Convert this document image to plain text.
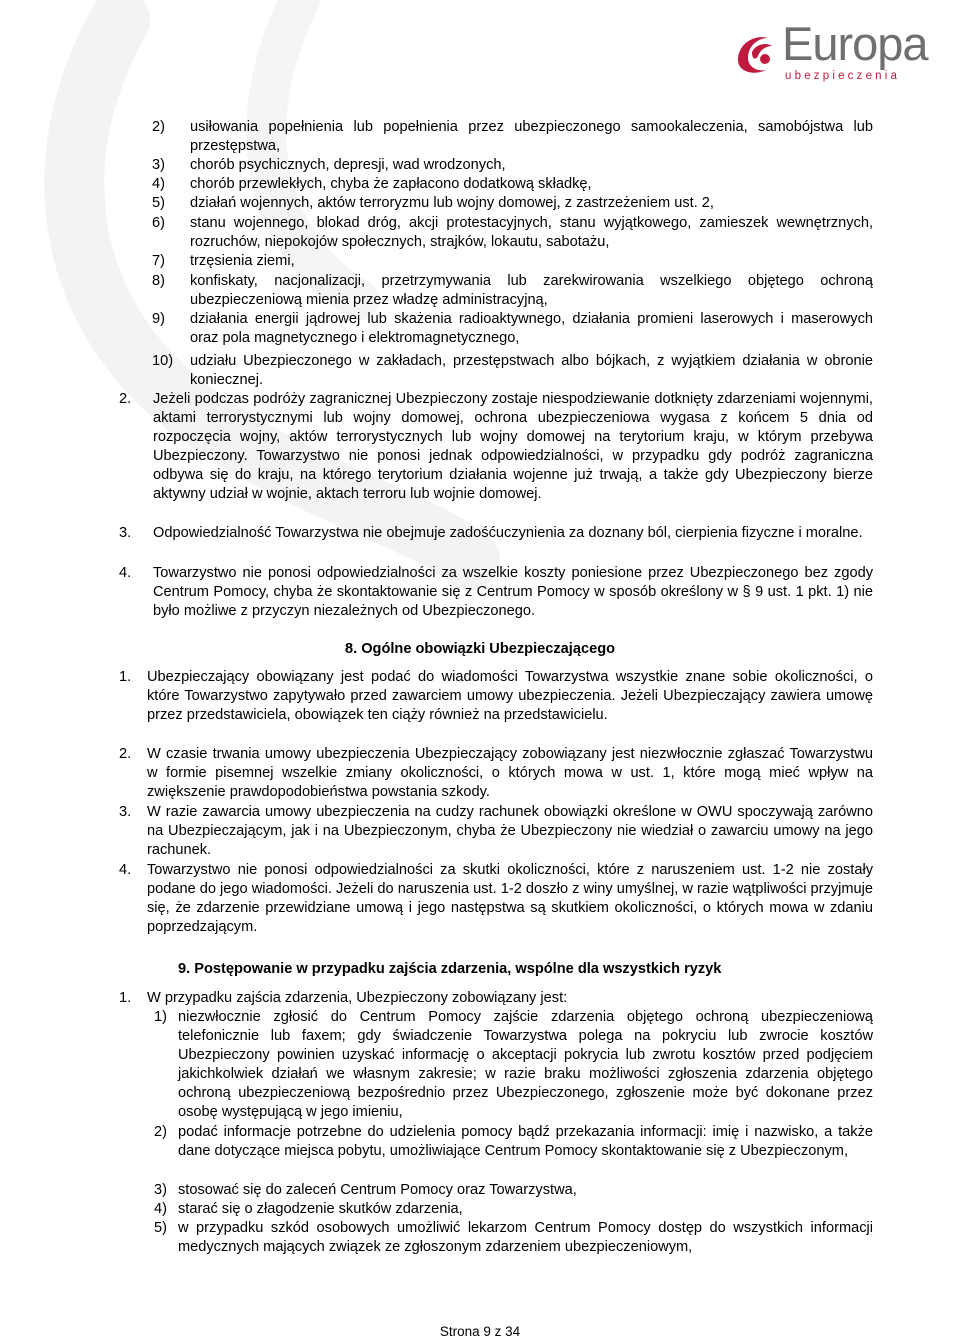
Europa
ubezpieczenia
2) usiłowania popełnienia lub popełnienia przez ubezpieczonego samookaleczenia, samobójstwa lub przestępstwa,
3) chorób psychicznych, depresji, wad wrodzonych,
4) chorób przewlekłych, chyba że zapłacono dodatkową składkę,
5) działań wojennych, aktów terroryzmu lub wojny domowej, z zastrzeżeniem ust. 2,
6) stanu wojennego, blokad dróg, akcji protestacyjnych, stanu wyjątkowego, zamieszek wewnętrznych, rozruchów, niepokojów społecznych, strajków, lokautu, sabotażu,
7) trzęsienia ziemi,
8) konfiskaty, nacjonalizacji, przetrzymywania lub zarekwirowania wszelkiego objętego ochroną ubezpieczeniową mienia przez władzę administracyjną,
9) działania energii jądrowej lub skażenia radioaktywnego, działania promieni laserowych i maserowych oraz pola magnetycznego i elektromagnetycznego,
10) udziału Ubezpieczonego w zakładach, przestępstwach albo bójkach, z wyjątkiem działania w obronie koniecznej.
2. Jeżeli podczas podróży zagranicznej Ubezpieczony zostaje niespodziewanie dotknięty zdarzeniami wojennymi, aktami terrorystycznymi lub wojny domowej, ochrona ubezpieczeniowa wygasa z końcem 5 dnia od rozpoczęcia wojny, aktów terrorystycznych lub wojny domowej na terytorium kraju, w którym przebywa Ubezpieczony. Towarzystwo nie ponosi jednak odpowiedzialności, w przypadku gdy podróż zagraniczna odbywa się do kraju, na którego terytorium działania wojenne już trwają, a także gdy Ubezpieczony bierze aktywny udział w wojnie, aktach terroru lub wojnie domowej.
3. Odpowiedzialność Towarzystwa nie obejmuje zadośćuczynienia za doznany ból, cierpienia fizyczne i moralne.
4. Towarzystwo nie ponosi odpowiedzialności za wszelkie koszty poniesione przez Ubezpieczonego bez zgody Centrum Pomocy, chyba że skontaktowanie się z Centrum Pomocy w sposób określony w § 9 ust. 1 pkt. 1) nie było możliwe z przyczyn niezależnych od Ubezpieczonego.
8. Ogólne obowiązki Ubezpieczającego
1. Ubezpieczający obowiązany jest podać do wiadomości Towarzystwa wszystkie znane sobie okoliczności, o które Towarzystwo zapytywało przed zawarciem umowy ubezpieczenia. Jeżeli Ubezpieczający zawiera umowę przez przedstawiciela, obowiązek ten ciąży również na przedstawicielu.
2. W czasie trwania umowy ubezpieczenia Ubezpieczający zobowiązany jest niezwłocznie zgłaszać Towarzystwu w formie pisemnej wszelkie zmiany okoliczności, o których mowa w ust. 1, które mogą mieć wpływ na zwiększenie prawdopodobieństwa powstania szkody.
3. W razie zawarcia umowy ubezpieczenia na cudzy rachunek obowiązki określone w OWU spoczywają zarówno na Ubezpieczającym, jak i na Ubezpieczonym, chyba że Ubezpieczony nie wiedział o zawarciu umowy na jego rachunek.
4. Towarzystwo nie ponosi odpowiedzialności za skutki okoliczności, które z naruszeniem ust. 1-2 nie zostały podane do jego wiadomości. Jeżeli do naruszenia ust. 1-2 doszło z winy umyślnej, w razie wątpliwości przyjmuje się, że zdarzenie przewidziane umową i jego następstwa są skutkiem okoliczności, o których mowa w zdaniu poprzedzającym.
9. Postępowanie w przypadku zajścia zdarzenia, wspólne dla wszystkich ryzyk
1. W przypadku zajścia zdarzenia, Ubezpieczony zobowiązany jest:
1) niezwłocznie zgłosić do Centrum Pomocy zajście zdarzenia objętego ochroną ubezpieczeniową telefonicznie lub faxem; gdy świadczenie Towarzystwa polega na pokryciu lub zwrocie kosztów Ubezpieczony powinien uzyskać informację o akceptacji pokrycia lub zwrotu kosztów przed podjęciem jakichkolwiek działań we własnym zakresie; w razie braku możliwości zgłoszenia zdarzenia objętego ochroną ubezpieczeniową bezpośrednio przez Ubezpieczonego, zgłoszenie może być dokonane przez osobę występującą w jego imieniu,
2) podać informacje potrzebne do udzielenia pomocy bądź przekazania informacji: imię i nazwisko, a także dane dotyczące miejsca pobytu, umożliwiające Centrum Pomocy skontaktowanie się z Ubezpieczonym,
3) stosować się do zaleceń Centrum Pomocy oraz Towarzystwa,
4) starać się o złagodzenie skutków zdarzenia,
5) w przypadku szkód osobowych umożliwić lekarzom Centrum Pomocy dostęp do wszystkich informacji medycznych mających związek ze zgłoszonym zdarzeniem ubezpieczeniowym,
Strona 9 z 34
